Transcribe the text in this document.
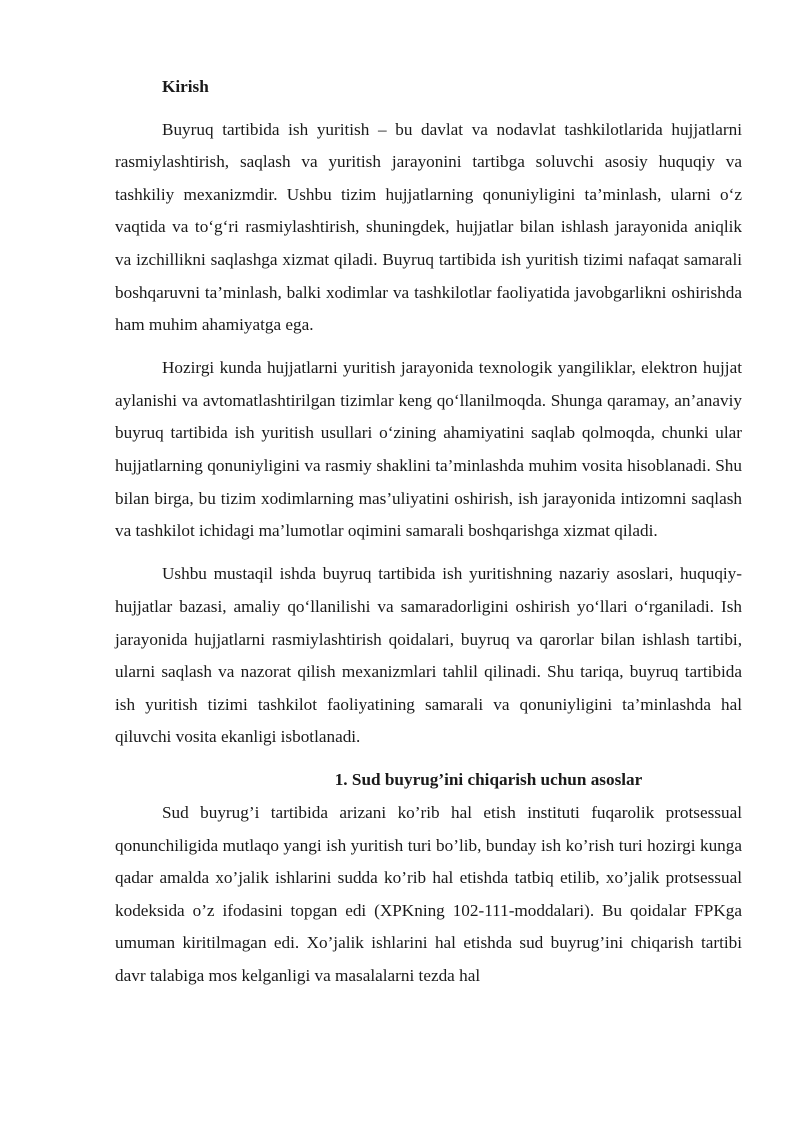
Kirish

Buyruq tartibida ish yuritish – bu davlat va nodavlat tashkilotlarida hujjatlarni rasmiylashtirish, saqlash va yuritish jarayonini tartibga soluvchi asosiy huquqiy va tashkiliy mexanizmdir. Ushbu tizim hujjatlarning qonuniyligini ta’minlash, ularni o‘z vaqtida va to‘g‘ri rasmiylashtirish, shuningdek, hujjatlar bilan ishlash jarayonida aniqlik va izchillikni saqlashga xizmat qiladi. Buyruq tartibida ish yuritish tizimi nafaqat samarali boshqaruvni ta’minlash, balki xodimlar va tashkilotlar faoliyatida javobgarlikni oshirishda ham muhim ahamiyatga ega.

Hozirgi kunda hujjatlarni yuritish jarayonida texnologik yangiliklar, elektron hujjat aylanishi va avtomatlashtirilgan tizimlar keng qo‘llanilmoqda. Shunga qaramay, an’anaviy buyruq tartibida ish yuritish usullari o‘zining ahamiyatini saqlab qolmoqda, chunki ular hujjatlarning qonuniyligini va rasmiy shaklini ta’minlashda muhim vosita hisoblanadi. Shu bilan birga, bu tizim xodimlarning mas’uliyatini oshirish, ish jarayonida intizomni saqlash va tashkilot ichidagi ma’lumotlar oqimini samarali boshqarishga xizmat qiladi.

Ushbu mustaqil ishda buyruq tartibida ish yuritishning nazariy asoslari, huquqiy-hujjatlar bazasi, amaliy qo‘llanilishi va samaradorligini oshirish yo‘llari o‘rganiladi. Ish jarayonida hujjatlarni rasmiylashtirish qoidalari, buyruq va qarorlar bilan ishlash tartibi, ularni saqlash va nazorat qilish mexanizmlari tahlil qilinadi. Shu tariqa, buyruq tartibida ish yuritish tizimi tashkilot faoliyatining samarali va qonuniyligini ta’minlashda hal qiluvchi vosita ekanligi isbotlanadi.

1. Sud buyrug’ini chiqarish uchun asoslar

Sud buyrug’i tartibida arizani ko’rib hal etish instituti fuqarolik protsessual qonunchiligida mutlaqo yangi ish yuritish turi bo’lib, bunday ish ko’rish turi hozirgi kunga qadar amalda xo’jalik ishlarini sudda ko’rib hal etishda tatbiq etilib, xo’jalik protsessual kodeksida o’z ifodasini topgan edi (XPKning 102-111-moddalari). Bu qoidalar FPKga umuman kiritilmagan edi. Xo’jalik ishlarini hal etishda sud buyrug’ini chiqarish tartibi davr talabiga mos kelganligi va masalalarni tezda hal
